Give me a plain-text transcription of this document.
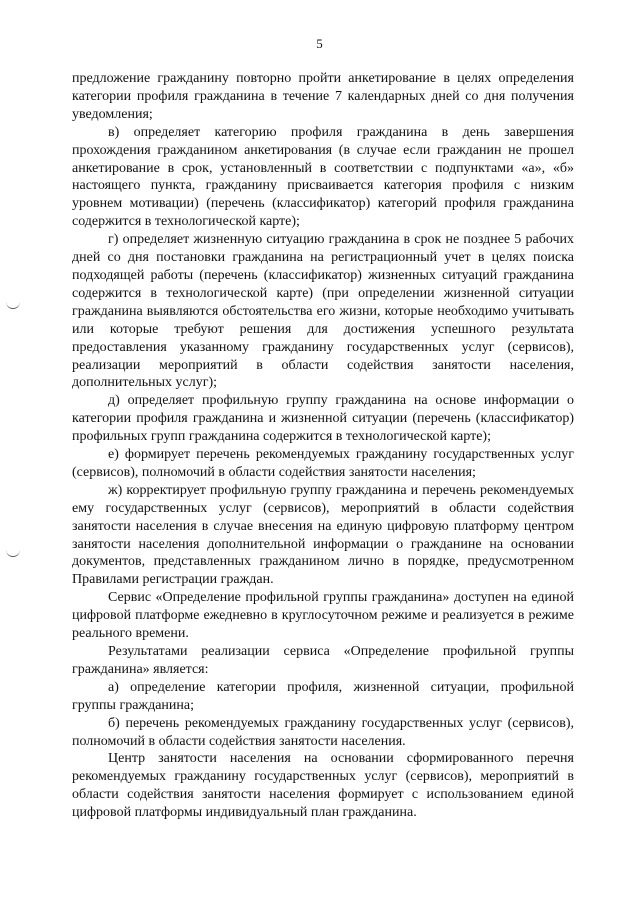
5

предложение гражданину повторно пройти анкетирование в целях определения категории профиля гражданина в течение 7 календарных дней со дня получения уведомления;

в) определяет категорию профиля гражданина в день завершения прохождения гражданином анкетирования (в случае если гражданин не прошел анкетирование в срок, установленный в соответствии с подпунктами «а», «б» настоящего пункта, гражданину присваивается категория профиля с низким уровнем мотивации) (перечень (классификатор) категорий профиля гражданина содержится в технологической карте);

г) определяет жизненную ситуацию гражданина в срок не позднее 5 рабочих дней со дня постановки гражданина на регистрационный учет в целях поиска подходящей работы (перечень (классификатор) жизненных ситуаций гражданина содержится в технологической карте) (при определении жизненной ситуации гражданина выявляются обстоятельства его жизни, которые необходимо учитывать или которые требуют решения для достижения успешного результата предоставления указанному гражданину государственных услуг (сервисов), реализации мероприятий в области содействия занятости населения, дополнительных услуг);

д) определяет профильную группу гражданина на основе информации о категории профиля гражданина и жизненной ситуации (перечень (классификатор) профильных групп гражданина содержится в технологической карте);

е) формирует перечень рекомендуемых гражданину государственных услуг (сервисов), полномочий в области содействия занятости населения;

ж) корректирует профильную группу гражданина и перечень рекомендуемых ему государственных услуг (сервисов), мероприятий в области содействия занятости населения в случае внесения на единую цифровую платформу центром занятости населения дополнительной информации о гражданине на основании документов, представленных гражданином лично в порядке, предусмотренном Правилами регистрации граждан.

Сервис «Определение профильной группы гражданина» доступен на единой цифровой платформе ежедневно в круглосуточном режиме и реализуется в режиме реального времени.

Результатами реализации сервиса «Определение профильной группы гражданина» является:

а) определение категории профиля, жизненной ситуации, профильной группы гражданина;

б) перечень рекомендуемых гражданину государственных услуг (сервисов), полномочий в области содействия занятости населения.

Центр занятости населения на основании сформированного перечня рекомендуемых гражданину государственных услуг (сервисов), мероприятий в области содействия занятости населения формирует с использованием единой цифровой платформы индивидуальный план гражданина.
